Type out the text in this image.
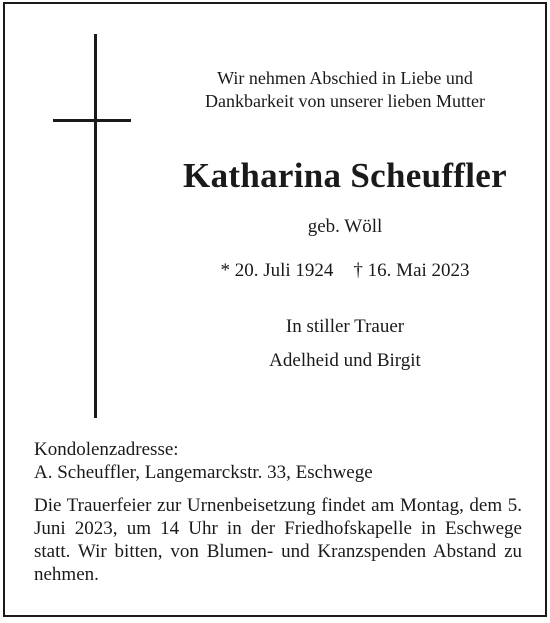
Wir nehmen Abschied in Liebe und
Dankbarkeit von unserer lieben Mutter
Katharina Scheuffler
geb. Wöll
* 20. Juli 1924 † 16. Mai 2023
In stiller Trauer
Adelheid und Birgit
Kondolenzadresse:
A. Scheuffler, Langemarckstr. 33, Eschwege
Die Trauerfeier zur Urnenbeisetzung findet am Montag, dem 5. Juni 2023, um 14 Uhr in der Friedhofskapelle in Eschwege statt. Wir bitten, von Blumen- und Kranzspenden Abstand zu nehmen.
